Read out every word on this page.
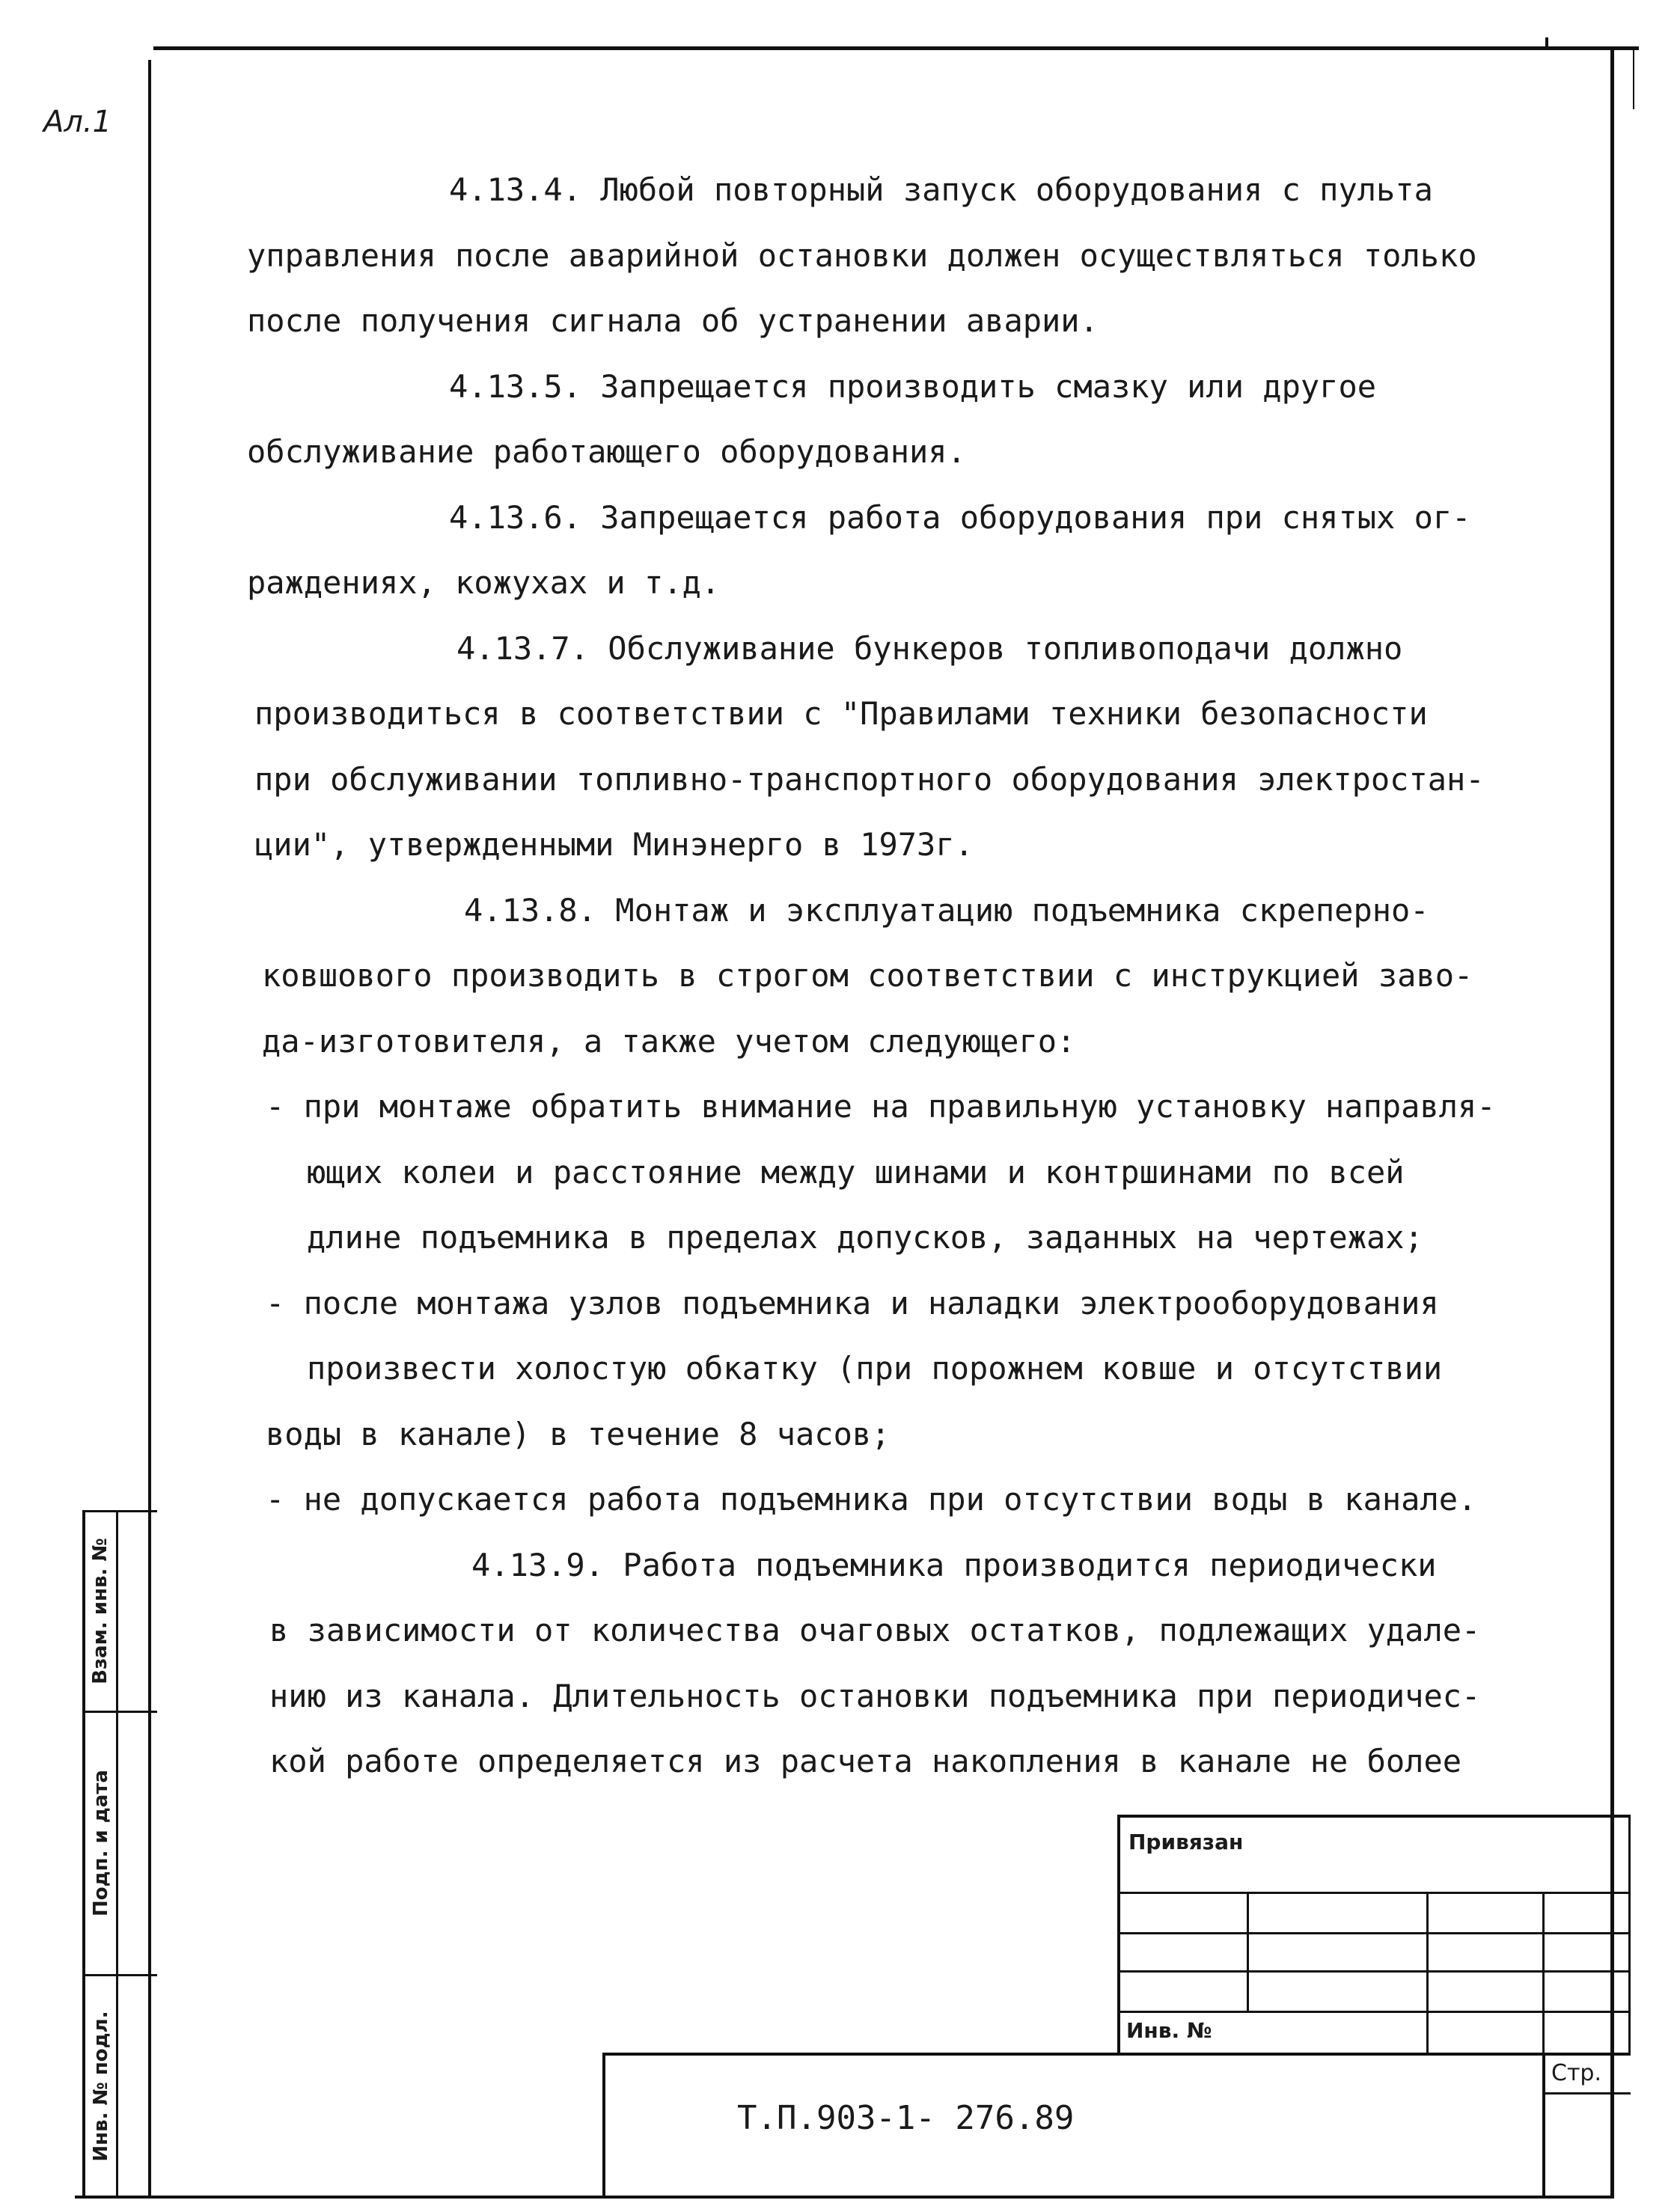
Ал.1

4.13.4. Любой повторный запуск оборудования с пульта

управления после аварийной остановки должен осуществляться только

после получения сигнала об устранении аварии.

4.13.5. Запрещается производить смазку или другое

обслуживание работающего оборудования.

4.13.6. Запрещается работа оборудования при снятых ог-

раждениях, кожухах и т.д.

4.13.7. Обслуживание бункеров топливоподачи должно

производиться в соответствии с "Правилами техники безопасности

при обслуживании топливно-транспортного оборудования электростан-

ции", утвержденными Минэнерго в 1973г.

4.13.8. Монтаж и эксплуатацию подъемника скреперно-

ковшового производить в строгом соответствии с инструкцией заво-

да-изготовителя, а также учетом следующего:

- при монтаже обратить внимание на правильную установку направля-

ющих колеи и расстояние между шинами и контршинами по всей

длине подъемника в пределах допусков, заданных на чертежах;

- после монтажа узлов подъемника и наладки электрооборудования

произвести холостую обкатку (при порожнем ковше и отсутствии

воды в канале) в течение 8 часов;

- не допускается работа подъемника при отсутствии воды в канале.

4.13.9. Работа подъемника производится периодически

в зависимости от количества очаговых остатков, подлежащих удале-

нию из канала. Длительность остановки подъемника при периодичес-

кой работе определяется из расчета накопления в канале не более

Взам. инв. №
Подп. и дата
Инв. № подл.
Привязан
Инв. №
Стр.
Т.П.903-1- 276.89
